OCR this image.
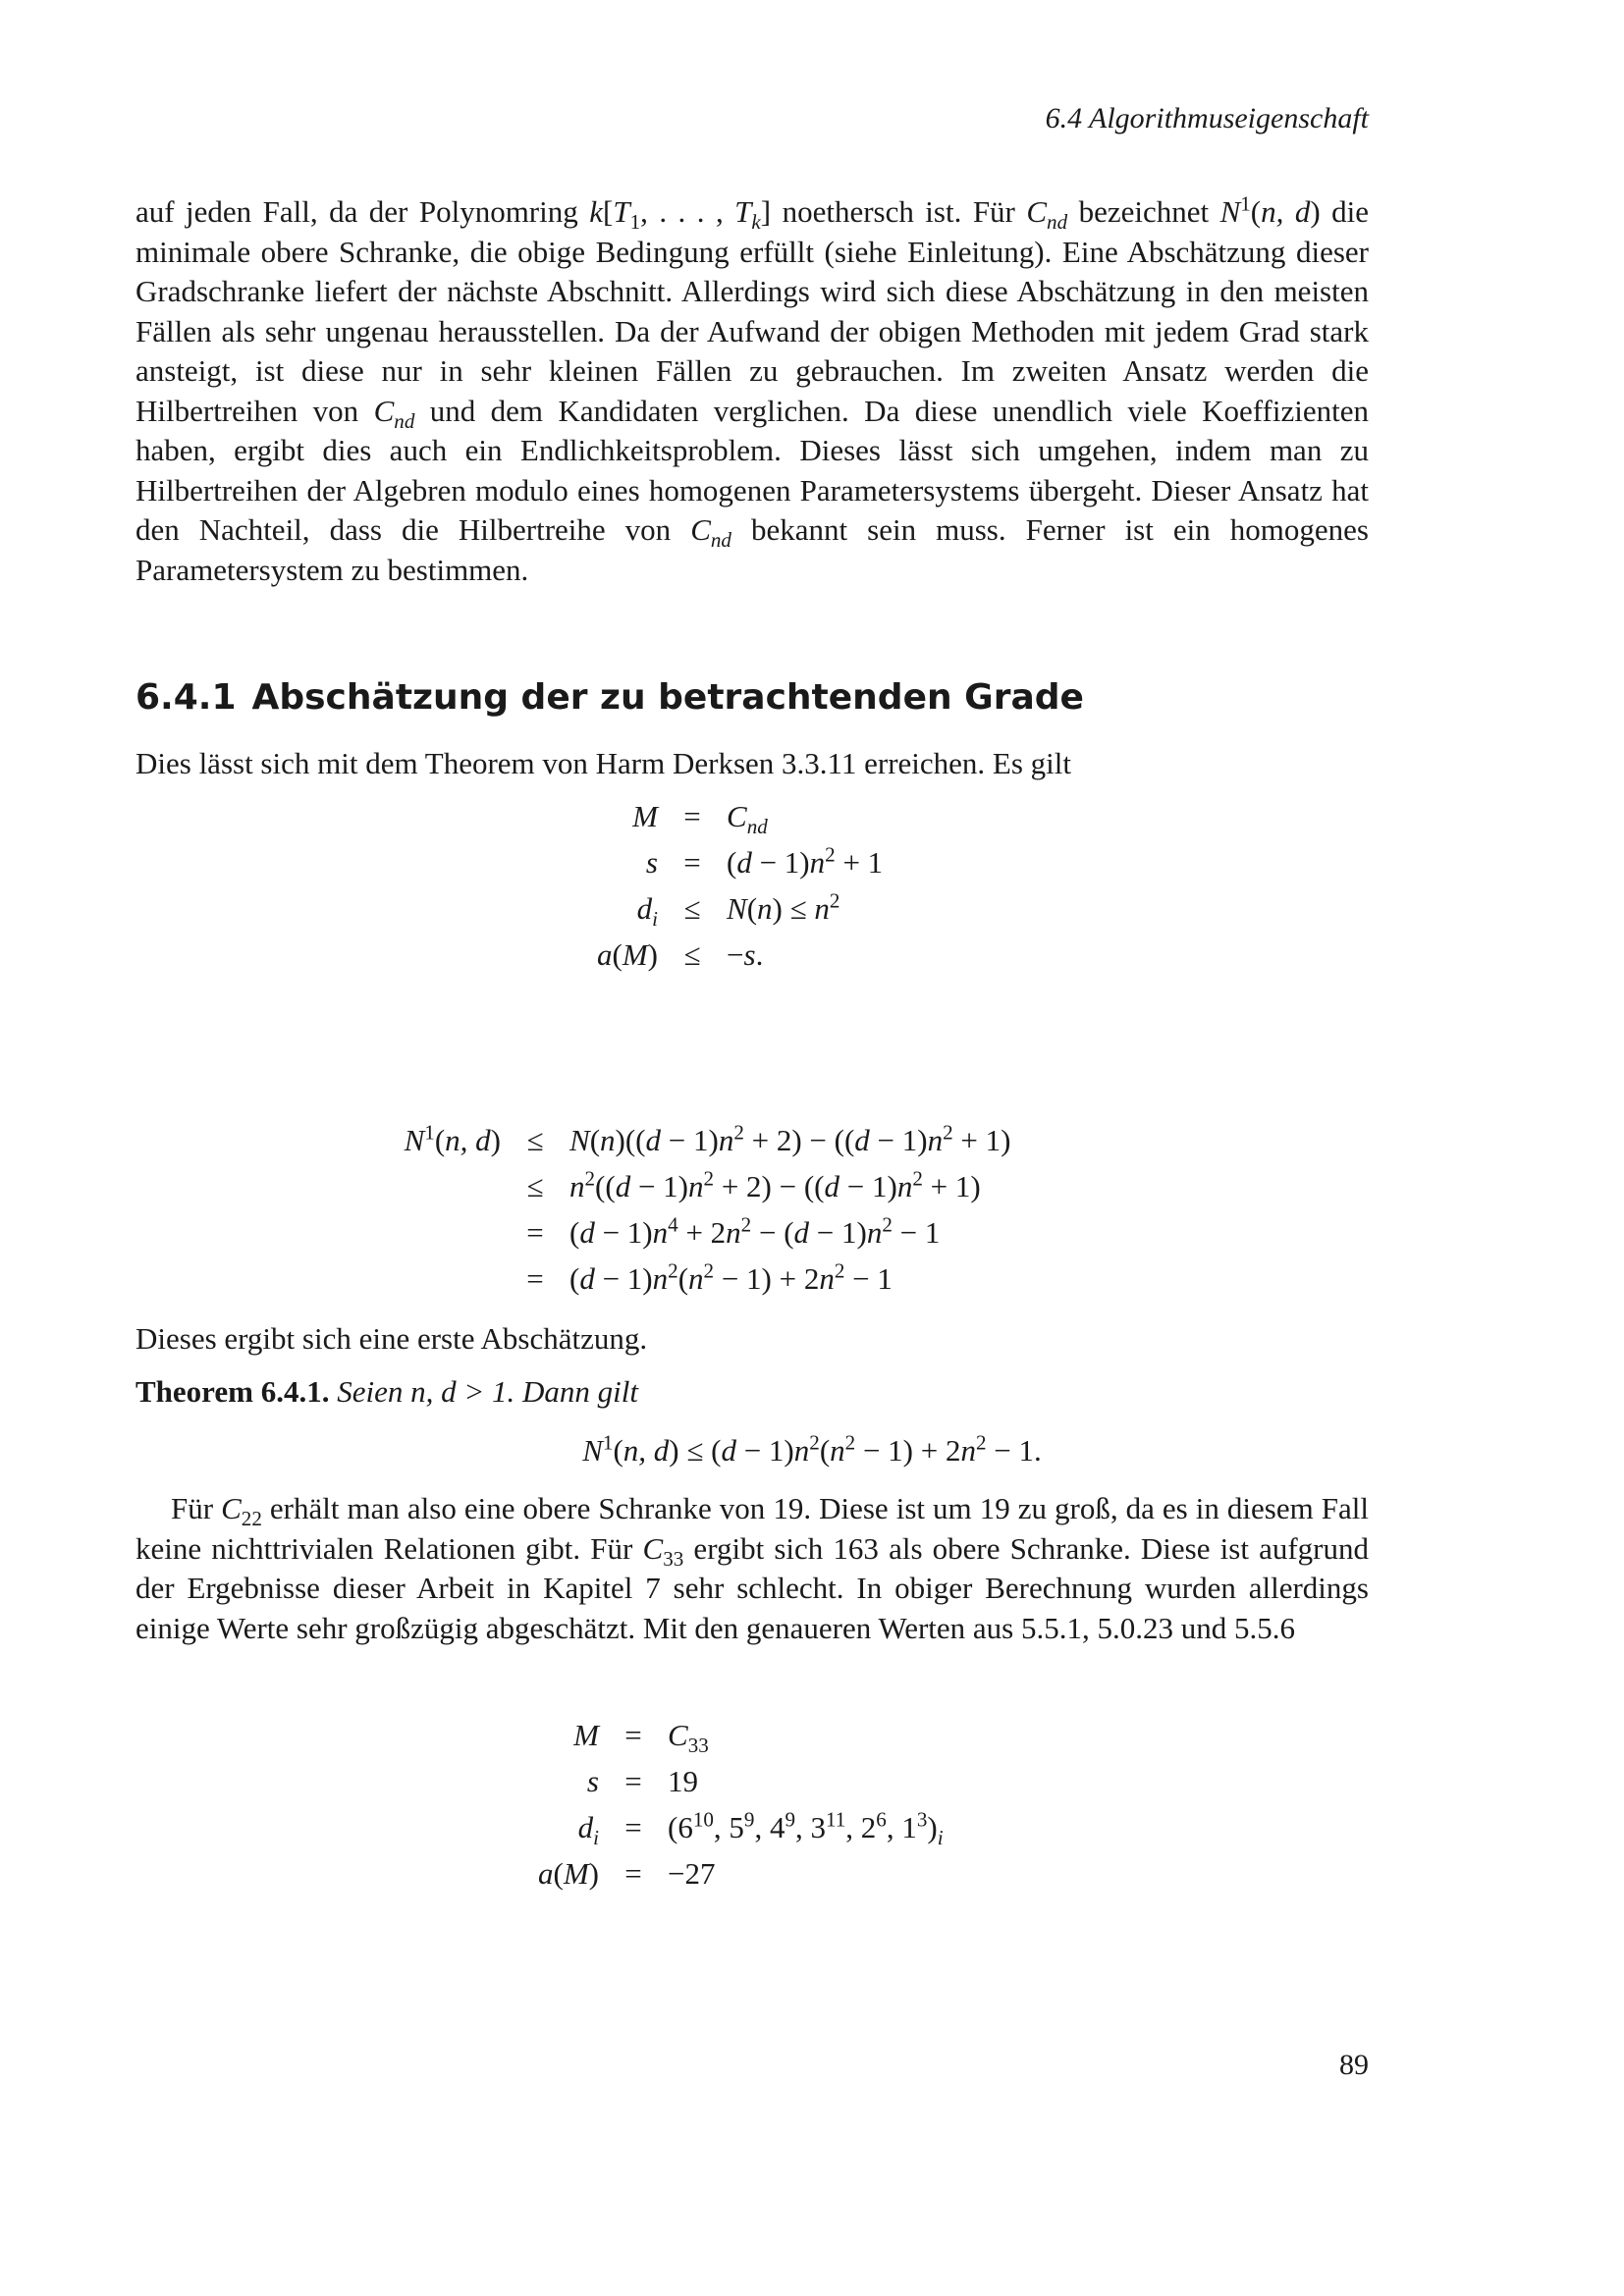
6.4 Algorithmuseigenschaft
auf jeden Fall, da der Polynomring $k[T_1$, . . . , $T_k$] noethersch ist. Für $C_{nd}$ bezeichnet $N^1(n$, d) die minimale obere Schranke, die obige Bedingung erfüllt (siehe Einleitung). Eine Abschätzung dieser Gradschranke liefert der nächste Abschnitt. Allerdings wird sich diese Abschätzung in den meisten Fällen als sehr ungenau herausstellen. Da der Aufwand der obigen Methoden mit jedem Grad stark ansteigt, ist diese nur in sehr kleinen Fällen zu gebrauchen. Im zweiten Ansatz werden die Hilbertreihen von $C_{nd}$ und dem Kandidaten verglichen. Da diese unendlich viele Koeffizienten haben, ergibt dies auch ein Endlichkeitsproblem. Dieses lässt sich umgehen, indem man zu Hilbertreihen der Algebren modulo eines homogenen Parametersystems übergeht. Dieser Ansatz hat den Nachteil, dass die Hilbertreihe von $C_{nd}$ bekannt sein muss. Ferner ist ein homogenes Parametersystem zu bestimmen.
6.4.1 Abschätzung der zu betrachtenden Grade
Dies lässt sich mit dem Theorem von Harm Derksen 3.3.11 erreichen. Es gilt
M	=	$C_{nd}$
s	=	$(d - 1)n^2 + 1$
$d_i$	≤	$N(n) \le n^2$
a(M)	≤	−s.
$N^1(n$, d)	≤	$N(n)((d - 1)n^2 + 2) - ((d - 1)n^2 + 1)$
	≤	$n^2((d - 1)n^2 + 2) - ((d - 1)n^2 + 1)$
	=	$(d - 1)n^4 + 2n^2 - (d - 1)n^2 - 1$
	=	$(d - 1)n^2(n^2 - 1) + 2n^2 - 1$
Dieses ergibt sich eine erste Abschätzung.
Theorem 6.4.1. Seien n, d > 1. Dann gilt
$N^1(n$, $d) \le (d - 1)n^2(n^2 - 1) + 2n^2 - 1$.
Für $C_{22}$ erhält man also eine obere Schranke von 19. Diese ist um 19 zu groß, da es in diesem Fall keine nichttrivialen Relationen gibt. Für $C_{33}$ ergibt sich 163 als obere Schranke. Diese ist aufgrund der Ergebnisse dieser Arbeit in Kapitel 7 sehr schlecht. In obiger Berechnung wurden allerdings einige Werte sehr großzügig abgeschätzt. Mit den genaueren Werten aus 5.5.1, 5.0.23 und 5.5.6
M	=	$C_{33}$
s	=	19
$d_i$	=	($6^{10}$, $5^9$, $4^9$, $3^{11}$, $2^6$, $1^3)_i$
a(M)	=	−27
89
